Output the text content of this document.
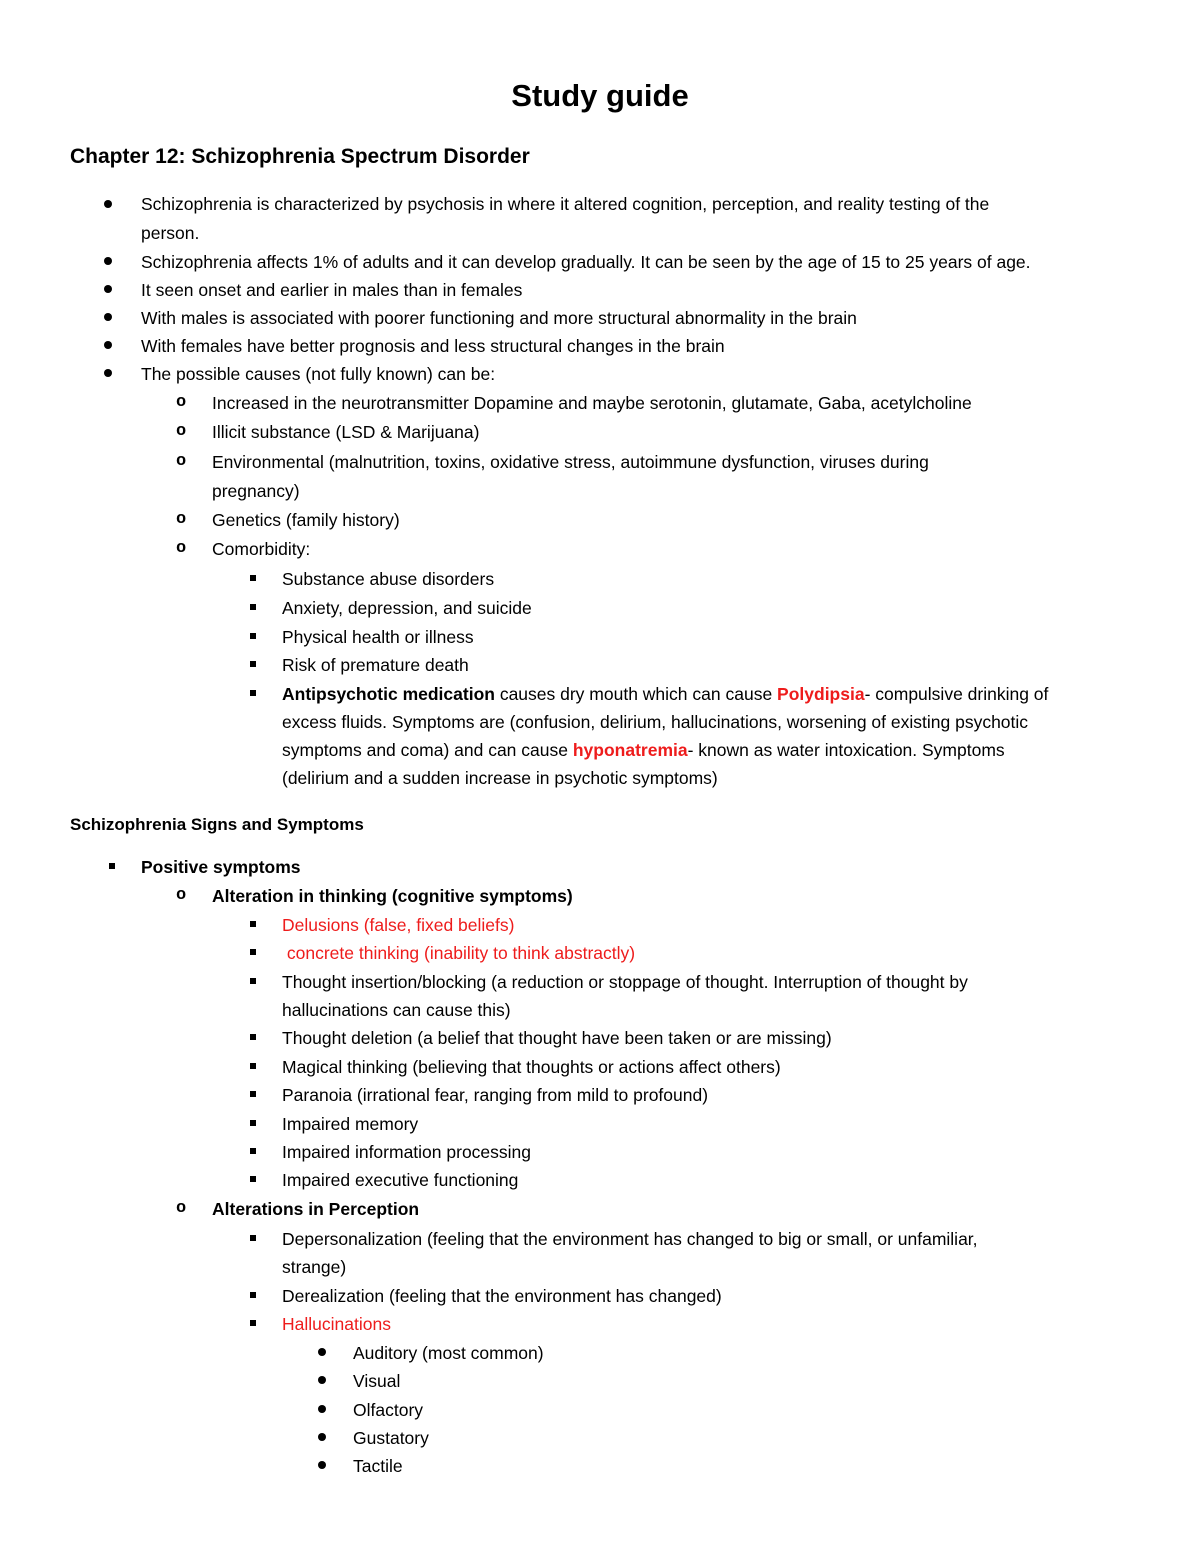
Study guide
Chapter 12: Schizophrenia Spectrum Disorder
Schizophrenia is characterized by psychosis in where it altered cognition, perception, and reality testing of the
person.
Schizophrenia affects 1% of adults and it can develop gradually. It can be seen by the age of 15 to 25 years of age.
It seen onset and earlier in males than in females
With males is associated with poorer functioning and more structural abnormality in the brain
With females have better prognosis and less structural changes in the brain
The possible causes (not fully known) can be:
o Increased in the neurotransmitter Dopamine and maybe serotonin, glutamate, Gaba, acetylcholine
o Illicit substance (LSD & Marijuana)
o Environmental (malnutrition, toxins, oxidative stress, autoimmune dysfunction, viruses during
pregnancy)
o Genetics (family history)
o Comorbidity:
Substance abuse disorders
Anxiety, depression, and suicide
Physical health or illness
Risk of premature death
Antipsychotic medication causes dry mouth which can cause Polydipsia- compulsive drinking of
excess fluids. Symptoms are (confusion, delirium, hallucinations, worsening of existing psychotic
symptoms and coma) and can cause hyponatremia- known as water intoxication. Symptoms
(delirium and a sudden increase in psychotic symptoms)
Schizophrenia Signs and Symptoms
Positive symptoms
o Alteration in thinking (cognitive symptoms)
Delusions (false, fixed beliefs)
concrete thinking (inability to think abstractly)
Thought insertion/blocking (a reduction or stoppage of thought. Interruption of thought by
hallucinations can cause this)
Thought deletion (a belief that thought have been taken or are missing)
Magical thinking (believing that thoughts or actions affect others)
Paranoia (irrational fear, ranging from mild to profound)
Impaired memory
Impaired information processing
Impaired executive functioning
o Alterations in Perception
Depersonalization (feeling that the environment has changed to big or small, or unfamiliar,
strange)
Derealization (feeling that the environment has changed)
Hallucinations
Auditory (most common)
Visual
Olfactory
Gustatory
Tactile
